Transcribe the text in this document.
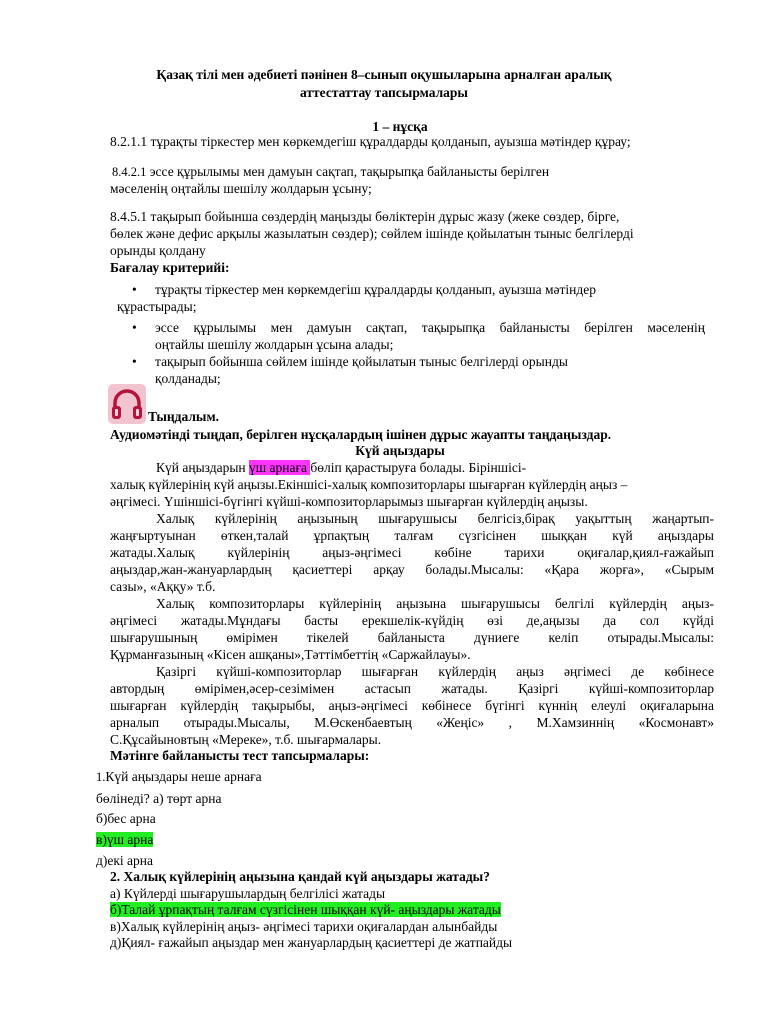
Қазақ тілі мен әдебиеті пәнінен 8–сынып оқушыларына арналған аралық
аттестаттау тапсырмалары
1 – нұсқа
8.2.1.1 тұрақты тіркестер мен көркемдегіш құралдарды қолданып, ауызша мәтіндер құрау;
8.4.2.1 эссе құрылымы мен дамуын сақтап, тақырыпқа байланысты берілген
мәселенің оңтайлы шешілу жолдарын ұсыну;
8.4.5.1 тақырып бойынша сөздердің маңызды бөліктерін дұрыс жазу (жеке сөздер, бірге,
бөлек және дефис арқылы жазылатын сөздер); сөйлем ішінде қойылатын тыныс белгілерді
орынды қолдану
Бағалау критерийі:
• тұрақты тіркестер мен көркемдегіш құралдарды қолданып, ауызша мәтіндер
құрастырады;
• эссе құрылымы мен дамуын сақтап, тақырыпқа байланысты берілген мәселенің
оңтайлы шешілу жолдарын ұсына алады;
• тақырып бойынша сөйлем ішінде қойылатын тыныс белгілерді орынды
қолданады;
Тыңдалым.
Аудиомәтінді тыңдап, берілген нұсқалардың ішінен дұрыс жауапты таңдаңыздар.
Күй аңыздары
Күй аңыздарын үш арнаға бөліп қарастыруға болады. Біріншісі-
халық күйлерінің күй аңызы.Екіншісі-халық композиторлары шығарған күйлердің аңыз –
әңгімесі. Үшіншісі-бүгінгі күйші-композиторларымыз шығарған күйлердің аңызы.
Халық күйлерінің аңызының шығарушысы белгісіз,бірақ уақыттың жаңартып-
жаңғыртуынан өткен,талай ұрпақтың талғам сүзгісінен шыққан күй аңыздары
жатады.Халық күйлерінің аңыз-әңгімесі көбіне тарихи оқиғалар,қиял-ғажайып
аңыздар,жан-жануарлардың қасиеттері арқау болады.Мысалы: «Қара жорға», «Сырым
сазы», «Аққу» т.б.
Халық композиторлары күйлерінің аңызына шығарушысы белгілі күйлердің аңыз-
әңгімесі жатады.Мұндағы басты ерекшелік-күйдің өзі де,аңызы да сол күйді
шығарушының өмірімен тікелей байланыста дүниеге келіп отырады.Мысалы:
Құрманғазының «Кісен ашқаны»,Тәттімбеттің «Саржайлауы».
Қазіргі күйші-композиторлар шығарған күйлердің аңыз әңгімесі де көбінесе
автордың өмірімен,әсер-сезімімен астасып жатады. Қазіргі күйші-композиторлар
шығарған күйлердің тақырыбы, аңыз-әңгімесі көбінесе бүгінгі күннің елеулі оқиғаларына
арналып отырады.Мысалы, М.Өскенбаевтың «Жеңіс» , М.Хамзиннің «Космонавт»
С.Құсайыновтың «Мереке», т.б. шығармалары.
Мәтінге байланысты тест тапсырмалары:
1.Күй аңыздары неше арнаға
бөлінеді? а) төрт арна
б)бес арна
в)үш арна
д)екі арна
2. Халық күйлерінің аңызына қандай күй аңыздары жатады?
а) Күйлерді шығарушылардың белгілісі жатады
б)Талай ұрпақтың талғам сүзгісінен шыққан күй- аңыздары жатады
в)Халық күйлерінің аңыз- әңгімесі тарихи оқиғалардан алынбайды
д)Қиял- ғажайып аңыздар мен жануарлардың қасиеттері де жатпайды
